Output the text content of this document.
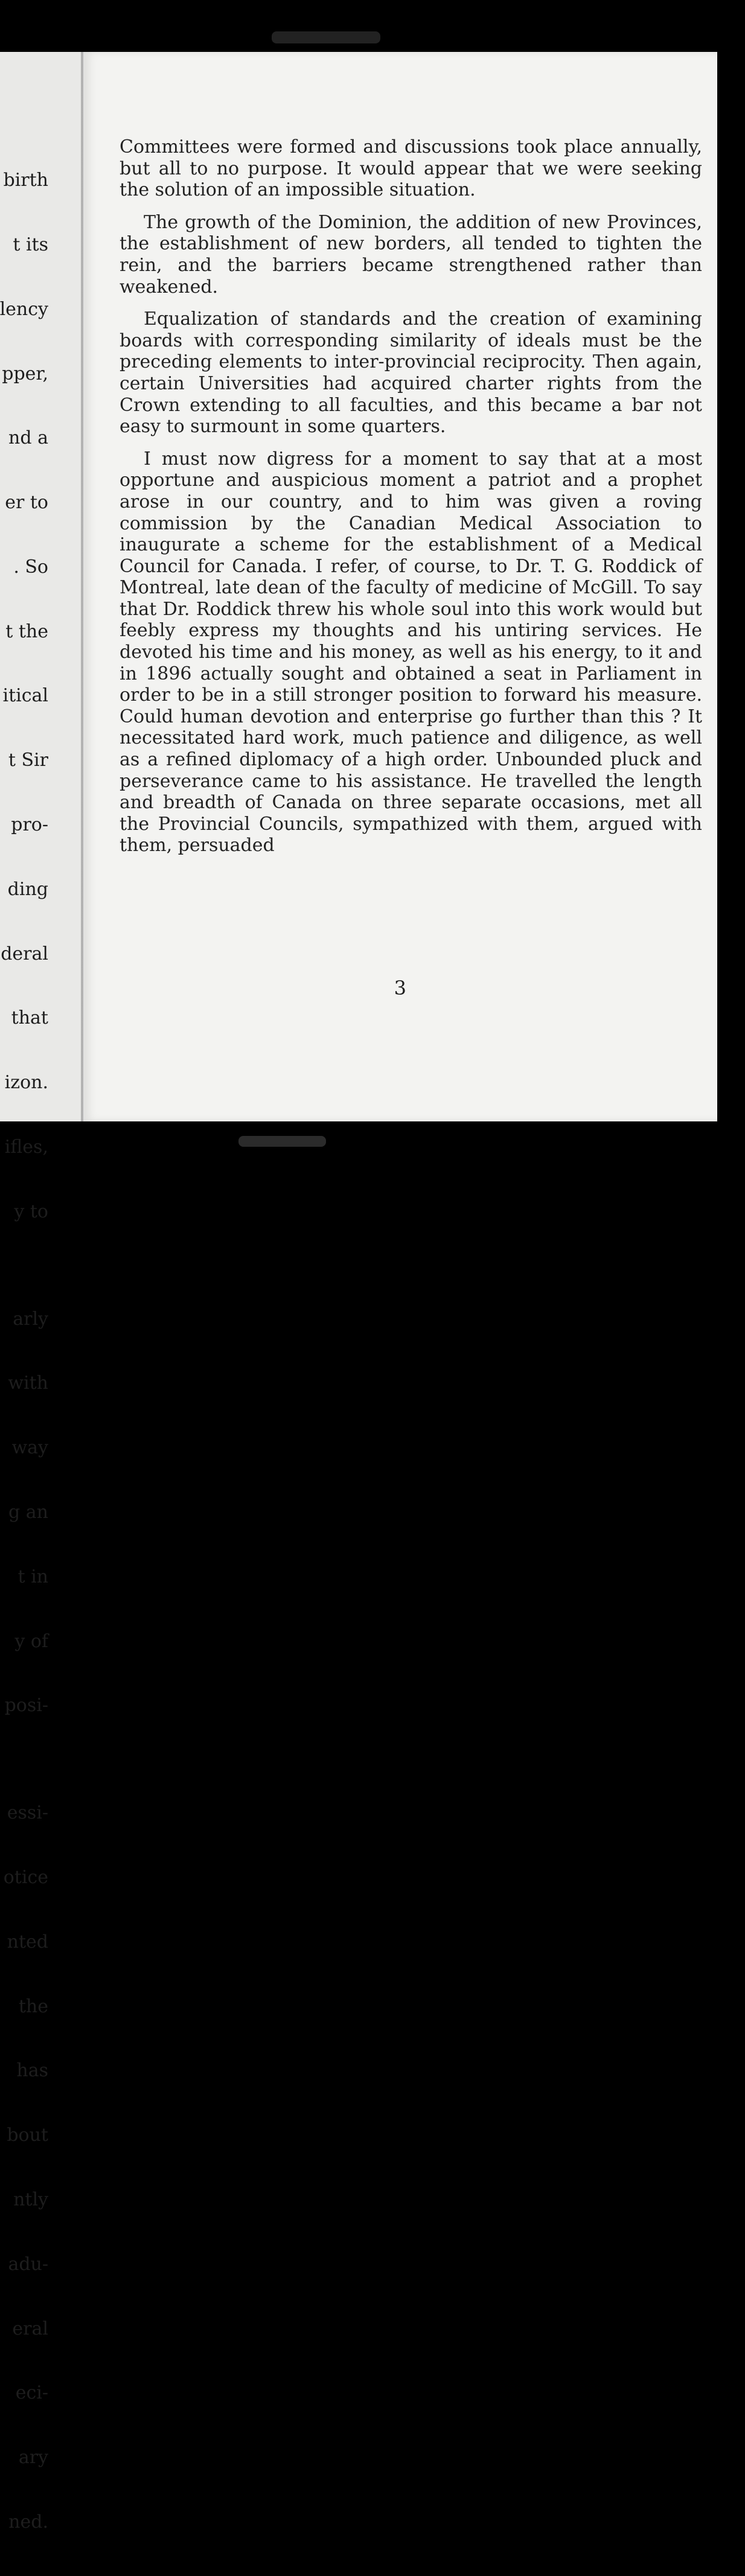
birth

t its

lency

pper,

nd a

er to

. So

t the

itical

t Sir

pro-

ding

deral

that

izon.

ifles,

y to

arly

with

way

g an

t in

y of

posi-

essi-

otice

nted

the

has

bout

ntly

adu-

eral

eci-

ary

ned.

Committees were formed and discussions took place annually, but all to no purpose. It would appear that we were seeking the solution of an impossible situation.

The growth of the Dominion, the addition of new Provinces, the establishment of new borders, all tended to tighten the rein, and the barriers became strengthened rather than weakened.

Equalization of standards and the creation of examining boards with corresponding similarity of ideals must be the preceding elements to inter-provincial reciprocity. Then again, certain Universities had acquired charter rights from the Crown extending to all faculties, and this became a bar not easy to surmount in some quarters.

I must now digress for a moment to say that at a most opportune and auspicious moment a patriot and a prophet arose in our country, and to him was given a roving commission by the Canadian Medical Association to inaugurate a scheme for the establishment of a Medical Council for Canada. I refer, of course, to Dr. T. G. Roddick of Montreal, late dean of the faculty of medicine of McGill. To say that Dr. Roddick threw his whole soul into this work would but feebly express my thoughts and his untiring services. He devoted his time and his money, as well as his energy, to it and in 1896 actually sought and obtained a seat in Parliament in order to be in a still stronger position to forward his measure. Could human devotion and enterprise go further than this ? It necessitated hard work, much patience and diligence, as well as a refined diplomacy of a high order. Unbounded pluck and perseverance came to his assistance. He travelled the length and breadth of Canada on three separate occasions, met all the Provincial Councils, sympathized with them, argued with them, persuaded

3
